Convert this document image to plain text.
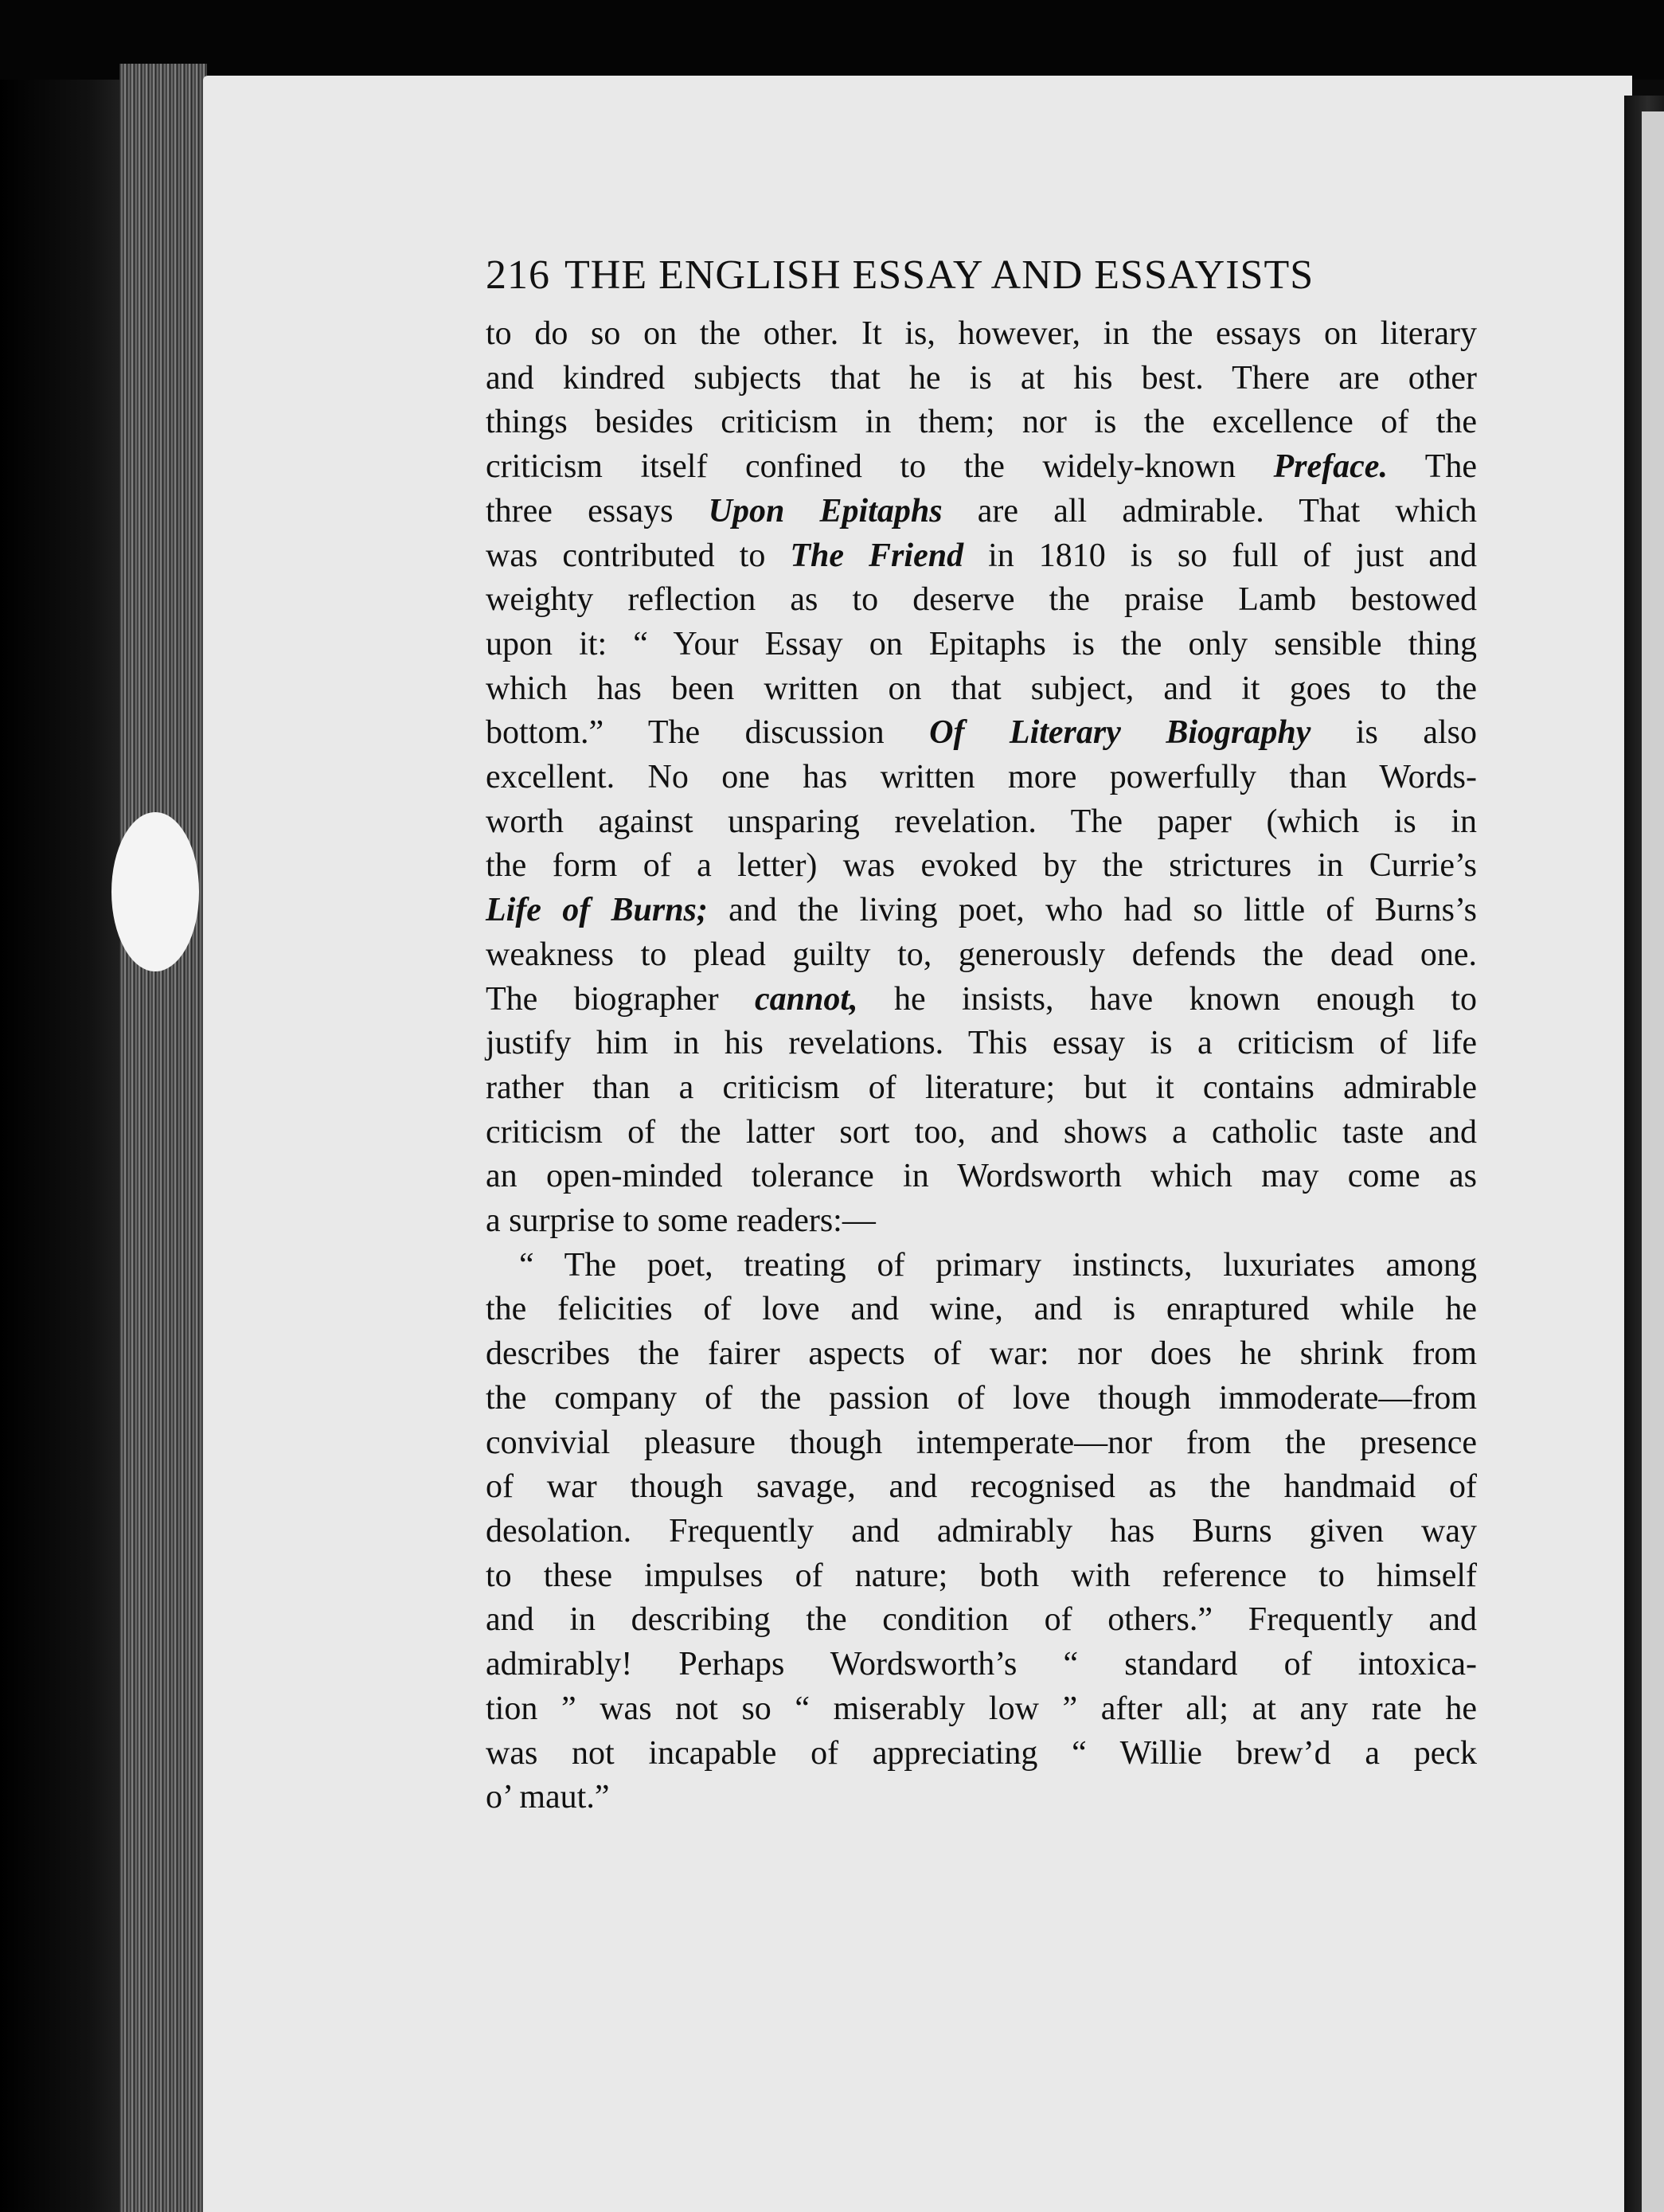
216 THE ENGLISH ESSAY AND ESSAYISTS
to do so on the other. It is, however, in the essays on literary
and kindred subjects that he is at his best. There are other
things besides criticism in them; nor is the excellence of the
criticism itself confined to the widely-known Preface. The
three essays Upon Epitaphs are all admirable. That which
was contributed to The Friend in 1810 is so full of just and
weighty reflection as to deserve the praise Lamb bestowed
upon it: “ Your Essay on Epitaphs is the only sensible thing
which has been written on that subject, and it goes to the
bottom.” The discussion Of Literary Biography is also
excellent. No one has written more powerfully than Words-
worth against unsparing revelation. The paper (which is in
the form of a letter) was evoked by the strictures in Currie’s
Life of Burns; and the living poet, who had so little of Burns’s
weakness to plead guilty to, generously defends the dead one.
The biographer cannot, he insists, have known enough to
justify him in his revelations. This essay is a criticism of life
rather than a criticism of literature; but it contains admirable
criticism of the latter sort too, and shows a catholic taste and
an open-minded tolerance in Wordsworth which may come as
a surprise to some readers:—
“ The poet, treating of primary instincts, luxuriates among
the felicities of love and wine, and is enraptured while he
describes the fairer aspects of war: nor does he shrink from
the company of the passion of love though immoderate—from
convivial pleasure though intemperate—nor from the presence
of war though savage, and recognised as the handmaid of
desolation. Frequently and admirably has Burns given way
to these impulses of nature; both with reference to himself
and in describing the condition of others.” Frequently and
admirably! Perhaps Wordsworth’s “ standard of intoxica-
tion ” was not so “ miserably low ” after all; at any rate he
was not incapable of appreciating “ Willie brew’d a peck
o’ maut.”
